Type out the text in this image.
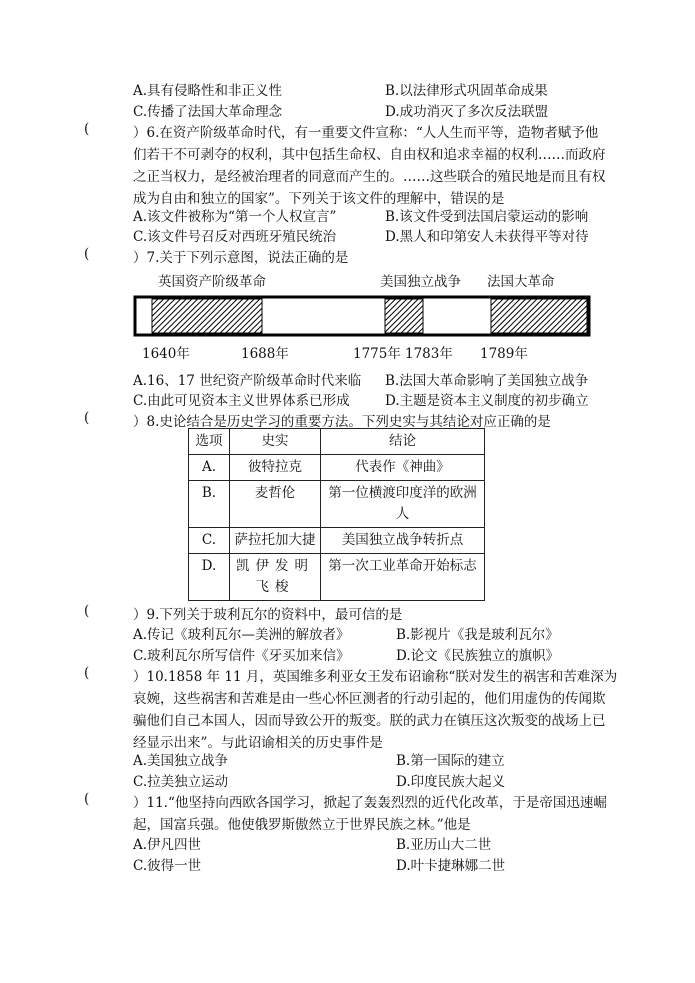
A.具有侵略性和非正义性	B.以法律形式巩固革命成果
C.传播了法国大革命理念	D.成功消灭了多次反法联盟
(	）6.在资产阶级革命时代，有一重要文件宣称：“人人生而平等，造物者赋予他
们若干不可剥夺的权利，其中包括生命权、自由权和追求幸福的权利……而政府
之正当权力，是经被治理者的同意而产生的。……这些联合的殖民地是而且有权
成为自由和独立的国家”。下列关于该文件的理解中，错误的是
A.该文件被称为“第一个人权宣言”	B.该文件受到法国启蒙运动的影响
C.该文件号召反对西班牙殖民统治	D.黑人和印第安人未获得平等对待
(	）7.关于下列示意图，说法正确的是
英国资产阶级革命	美国独立战争 法国大革命
1640年	1688年	1775年 1783年 1789年
A.16、17 世纪资产阶级革命时代来临 B.法国大革命影响了美国独立战争
C.由此可见资本主义世界体系已形成	D.主题是资本主义制度的初步确立
(	）8.史论结合是历史学习的重要方法。下列史实与其结论对应正确的是
选项	史实	结论
A.	彼特拉克	代表作《神曲》
B.	麦哲伦	第一位横渡印度洋的欧洲人
C.	萨拉托加大捷	美国独立战争转折点
D.	凯伊发明飞梭	第一次工业革命开始标志
(	）9.下列关于玻利瓦尔的资料中，最可信的是
A.传记《玻利瓦尔—美洲的解放者》	B.影视片《我是玻利瓦尔》
C.玻利瓦尔所写信件《牙买加来信》	D.论文《民族独立的旗帜》
(	）10.1858 年 11 月，英国维多利亚女王发布诏谕称“朕对发生的祸害和苦难深为
哀婉，这些祸害和苦难是由一些心怀叵测者的行动引起的，他们用虚伪的传闻欺
骗他们自己本国人，因而导致公开的叛变。朕的武力在镇压这次叛变的战场上已
经显示出来”。与此诏谕相关的历史事件是
A.美国独立战争	B.第一国际的建立
C.拉美独立运动	D.印度民族大起义
(	）11.“他坚持向西欧各国学习，掀起了轰轰烈烈的近代化改革，于是帝国迅速崛
起，国富兵强。他使俄罗斯傲然立于世界民族之林。”他是
A.伊凡四世	B.亚历山大二世
C.彼得一世	D.叶卡捷琳娜二世
